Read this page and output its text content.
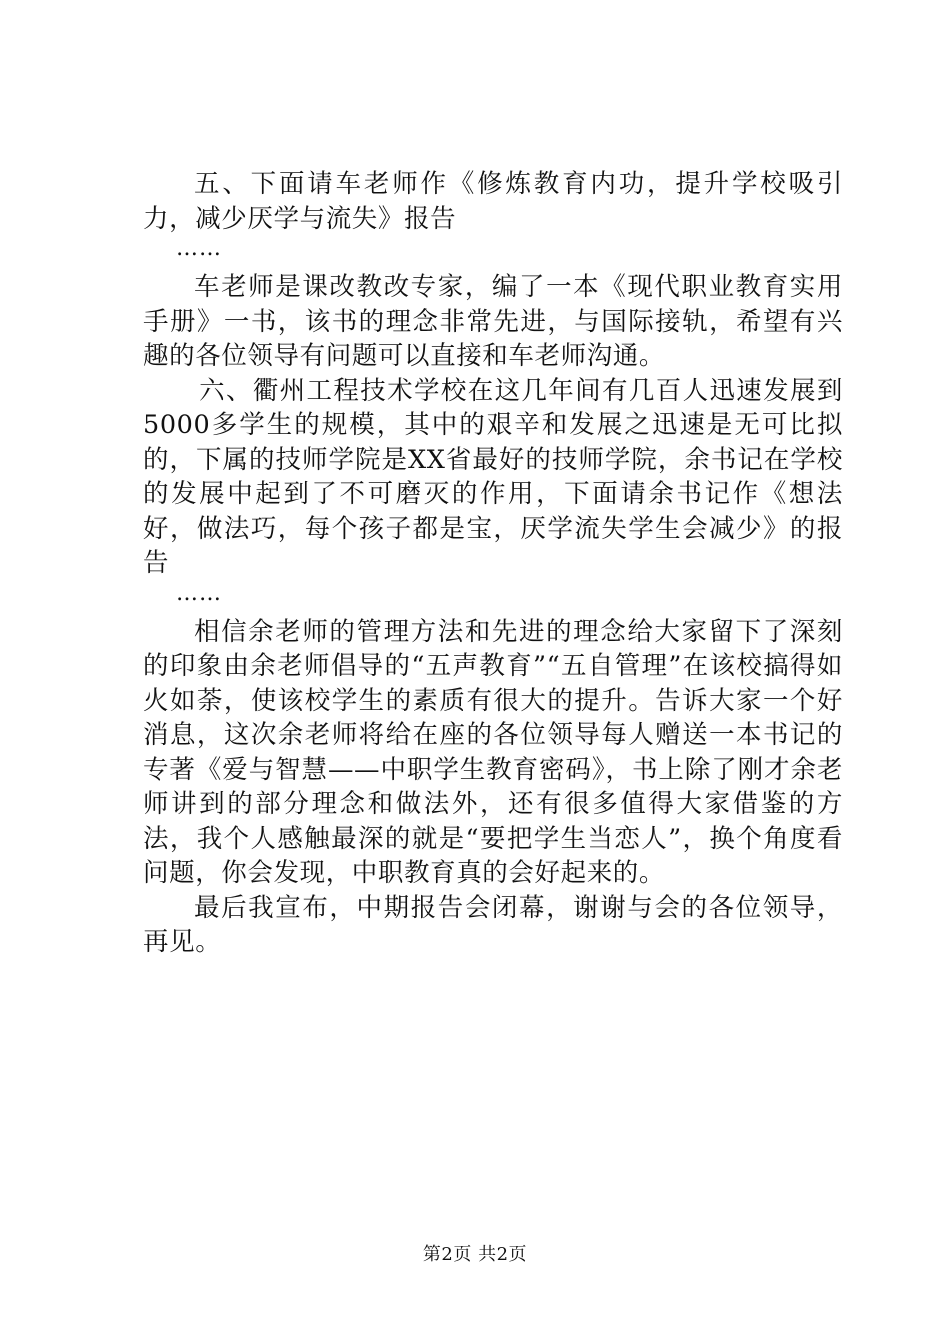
五、下面请车老师作《修炼教育内功，提升学校吸引力，减少厌学与流失》报告

……

车老师是课改教改专家，编了一本《现代职业教育实用手册》一书，该书的理念非常先进，与国际接轨，希望有兴趣的各位领导有问题可以直接和车老师沟通。

六、衢州工程技术学校在这几年间有几百人迅速发展到5000多学生的规模，其中的艰辛和发展之迅速是无可比拟的，下属的技师学院是XX省最好的技师学院，余书记在学校的发展中起到了不可磨灭的作用，下面请余书记作《想法好，做法巧，每个孩子都是宝，厌学流失学生会减少》的报告

……

相信余老师的管理方法和先进的理念给大家留下了深刻的印象由余老师倡导的“五声教育”“五自管理”在该校搞得如火如荼，使该校学生的素质有很大的提升。告诉大家一个好消息，这次余老师将给在座的各位领导每人赠送一本书记的专著《爱与智慧——中职学生教育密码》，书上除了刚才余老师讲到的部分理念和做法外，还有很多值得大家借鉴的方法，我个人感触最深的就是“要把学生当恋人”，换个角度看问题，你会发现，中职教育真的会好起来的。

最后我宣布，中期报告会闭幕，谢谢与会的各位领导，再见。

第2页 共2页
